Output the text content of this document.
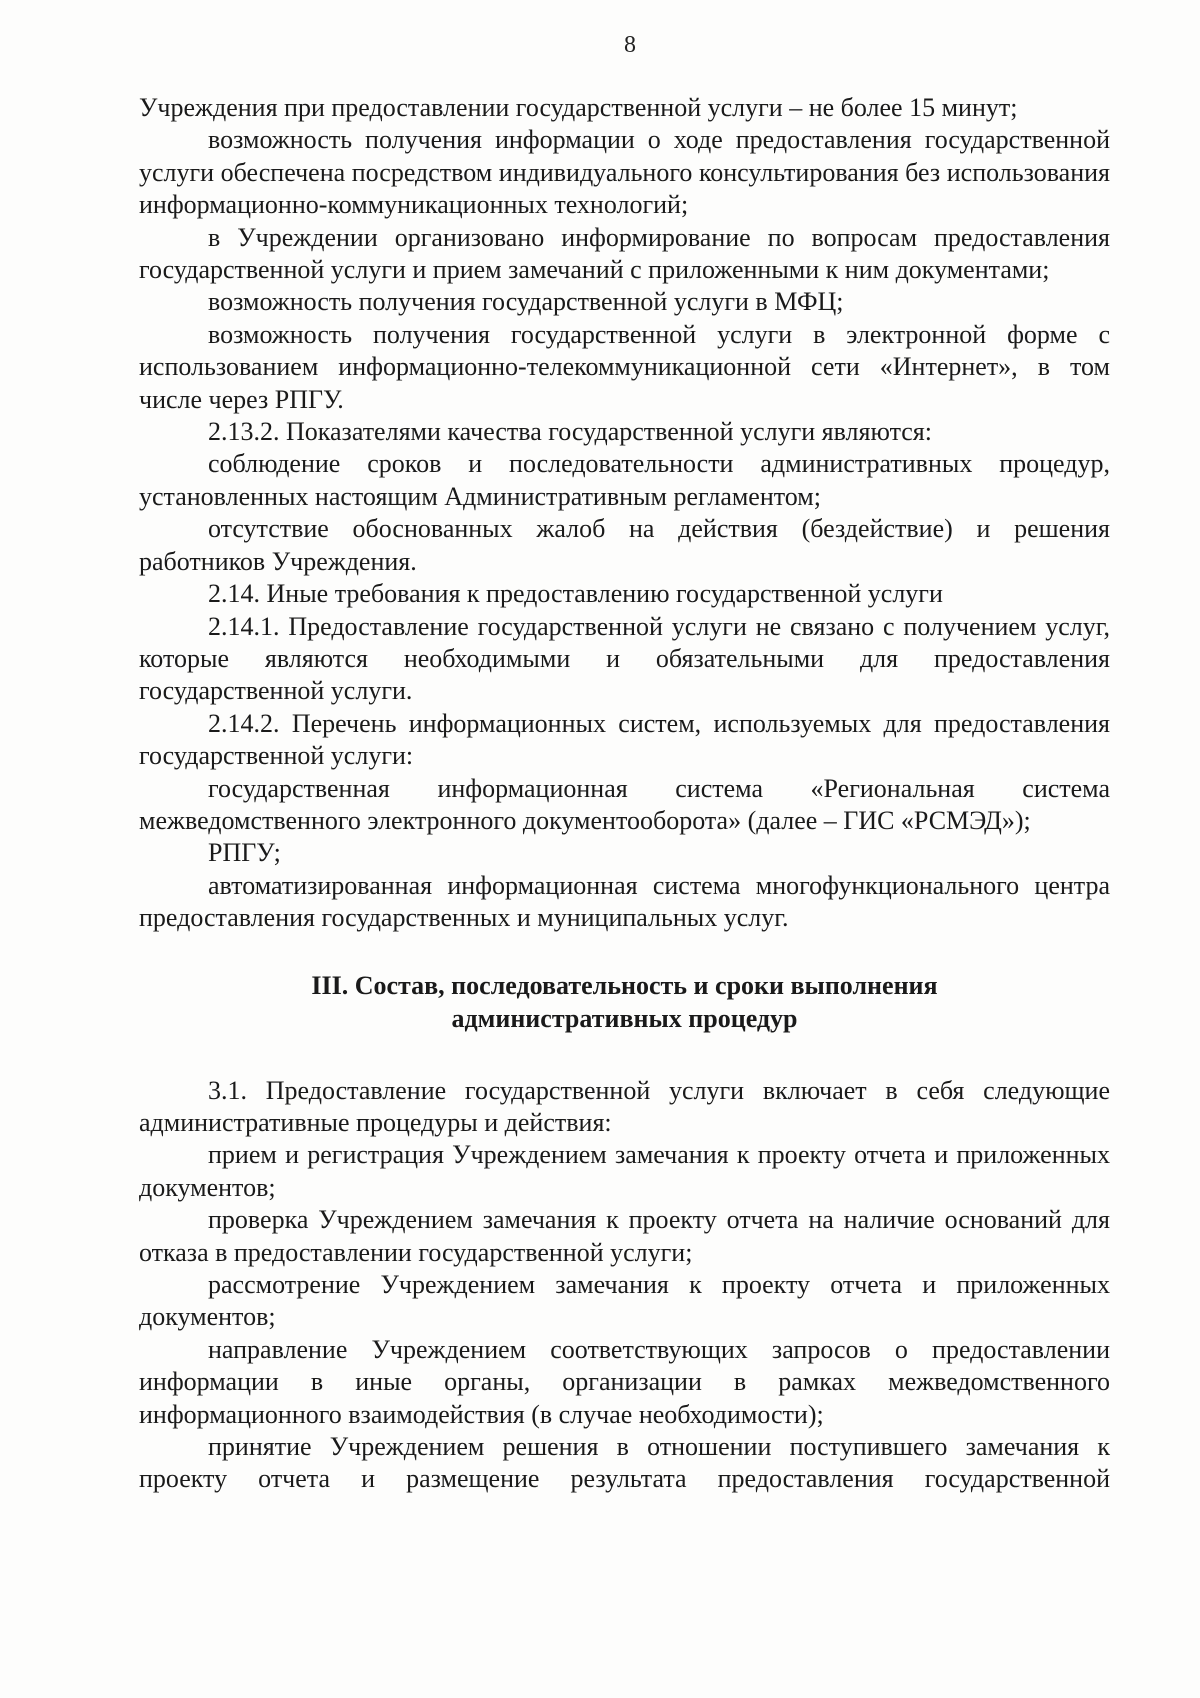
8

Учреждения при предоставлении государственной услуги – не более 15 минут;

возможность получения информации о ходе предоставления государственной услуги обеспечена посредством индивидуального консультирования без использования информационно-коммуникационных технологий;

в Учреждении организовано информирование по вопросам предоставления государственной услуги и прием замечаний с приложенными к ним документами;

возможность получения государственной услуги в МФЦ;

возможность получения государственной услуги в электронной форме с использованием информационно-телекоммуникационной сети «Интернет», в том числе через РПГУ.

2.13.2. Показателями качества государственной услуги являются:

соблюдение сроков и последовательности административных процедур, установленных настоящим Административным регламентом;

отсутствие обоснованных жалоб на действия (бездействие) и решения работников Учреждения.

2.14. Иные требования к предоставлению государственной услуги

2.14.1. Предоставление государственной услуги не связано с получением услуг, которые являются необходимыми и обязательными для предоставления государственной услуги.

2.14.2. Перечень информационных систем, используемых для предоставления государственной услуги:

государственная информационная система «Региональная система межведомственного электронного документооборота» (далее – ГИС «РСМЭД»);

РПГУ;

автоматизированная информационная система многофункционального центра предоставления государственных и муниципальных услуг.

III. Состав, последовательность и сроки выполнения
административных процедур

3.1. Предоставление государственной услуги включает в себя следующие административные процедуры и действия:

прием и регистрация Учреждением замечания к проекту отчета и приложенных документов;

проверка Учреждением замечания к проекту отчета на наличие оснований для отказа в предоставлении государственной услуги;

рассмотрение Учреждением замечания к проекту отчета и приложенных документов;

направление Учреждением соответствующих запросов о предоставлении информации в иные органы, организации в рамках межведомственного информационного взаимодействия (в случае необходимости);

принятие Учреждением решения в отношении поступившего замечания к проекту отчета и размещение результата предоставления государственной
